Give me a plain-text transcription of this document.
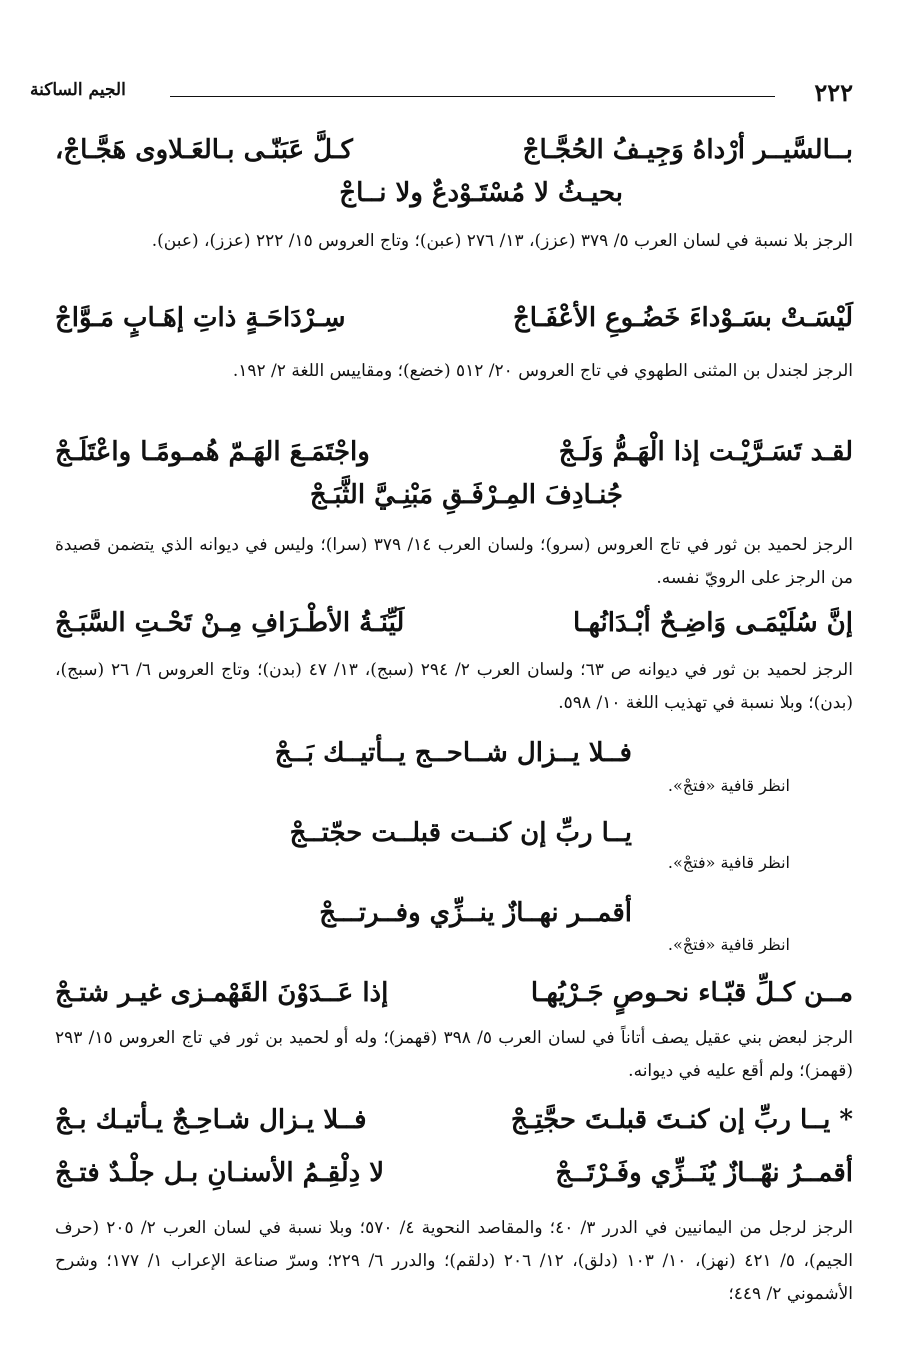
٢٢٢
الجيم الساكنة
بــالسَّيــر أرْداهُ وَجِيـفُ الحُجَّـاجْ
كـلَّ عَبَنّـى بـالعَـلاوى هَجَّـاجْ،
بحيـثُ لا مُسْتَـوْدعٌ ولا نــاجْ
الرجز بلا نسبة في لسان العرب ٥/ ٣٧٩ (عزز)، ١٣/ ٢٧٦ (عبن)؛ وتاج العروس ١٥/ ٢٢٢ (عزز)، (عبن).
لَيْسَـتْ بسَـوْداءَ خَضُـوعِ الأعْفَـاجْ
سِـرْدَاحَـةٍ ذاتِ إهَـابٍ مَـوَّاجْ
الرجز لجندل بن المثنى الطهوي في تاج العروس ٢٠/ ٥١٢ (خضع)؛ ومقاييس اللغة ٢/ ١٩٢.
لقـد تَسَـرَّيْـت إذا الْهَـمُّ وَلَـجْ
واجْتَمَـعَ الهَـمّ هُمـومًـا واعْتَلَـجْ
جُنـادِفَ المِـرْفَـقِ مَبْنِـيَّ الثَّبَـجْ
الرجز لحميد بن ثور في تاج العروس (سرو)؛ ولسان العرب ١٤/ ٣٧٩ (سرا)؛ وليس في ديوانه الذي يتضمن قصيدة من الرجز على الرويّ نفسه.
إنَّ سُلَيْمَـى وَاضِـحٌ أبْـدَانُهـا
لَيِّنَـةُ الأطْـرَافِ مِـنْ تَحْـتِ السَّبَـجْ
الرجز لحميد بن ثور في ديوانه ص ٦٣؛ ولسان العرب ٢/ ٢٩٤ (سبج)، ١٣/ ٤٧ (بدن)؛ وتاج العروس ٦/ ٢٦ (سبج)، (بدن)؛ وبلا نسبة في تهذيب اللغة ١٠/ ٥٩٨.
فــلا يــزال شــاحــج يــأتيــك بَــجْ
انظر قافية «فتجْ».
يــا ربِّ إن كنــت قبلــت حجّتــجْ
انظر قافية «فتجْ».
أقمــر نهــازٌ ينــزِّي وفــرتـــجْ
انظر قافية «فتجْ».
مــن كـلِّ قبّـاء نحـوصٍ جَـرْيُهـا
إذا عَــدَوْنَ القَهْمـزى غيـر شتـجْ
الرجز لبعض بني عقيل يصف أتاناً في لسان العرب ٥/ ٣٩٨ (قهمز)؛ وله أو لحميد بن ثور في تاج العروس ١٥/ ٢٩٣ (قهمز)؛ ولم أقع عليه في ديوانه.
* يــا ربِّ إن كنـتَ قبلـتَ حجَّتِـجْ
فــلا يـزال شـاحِـجٌ يـأتيـك بـجْ
أقمــرُ نهّــازٌ يُنَــزِّي وفَـرْتَــجْ
لا دِلْقِـمُ الأسنـانِ بـل جلْـدٌ فتـجْ
الرجز لرجل من اليمانيين في الدرر ٣/ ٤٠؛ والمقاصد النحوية ٤/ ٥٧٠؛ وبلا نسبة في لسان العرب ٢/ ٢٠٥ (حرف الجيم)، ٥/ ٤٢١ (نهز)، ١٠/ ١٠٣ (دلق)، ١٢/ ٢٠٦ (دلقم)؛ والدرر ٦/ ٢٢٩؛ وسرّ صناعة الإعراب ١/ ١٧٧؛ وشرح الأشموني ٢/ ٤٤٩؛
